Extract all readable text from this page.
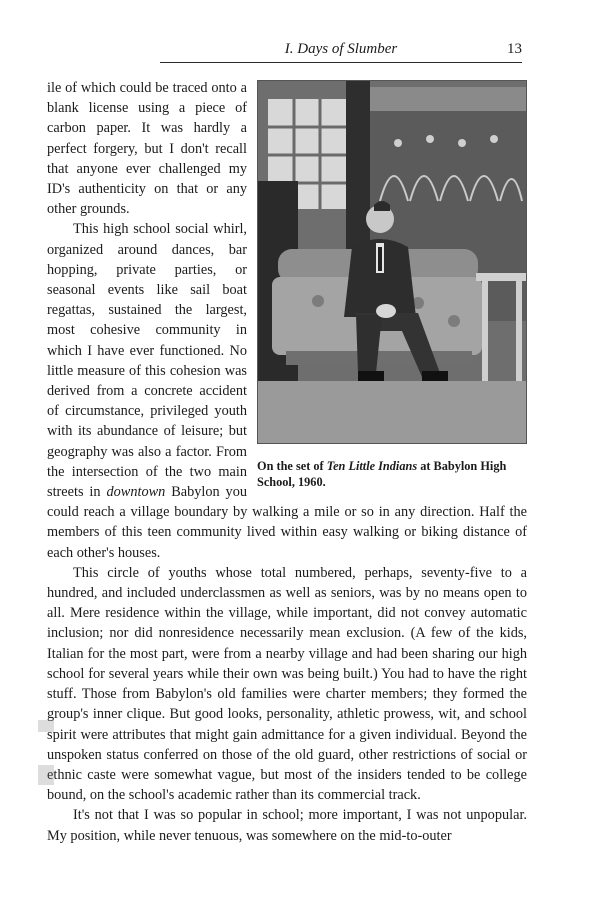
I. Days of Slumber	13
On the set of Ten Little Indians at Babylon High School, 1960.

ile of which could be traced onto a blank license using a piece of carbon paper. It was hardly a perfect forgery, but I don't recall that anyone ever challenged my ID's authenticity on that or any other grounds.

This high school social whirl, organized around dances, bar hopping, private parties, or seasonal events like sail boat regattas, sustained the largest, most cohesive community in which I have ever functioned. No little measure of this cohesion was derived from a concrete accident of circumstance, privileged youth with its abundance of leisure; but geography was also a factor. From the intersection of the two main streets in downtown Babylon you could reach a village boundary by walking a mile or so in any direction. Half the members of this teen community lived within easy walking or biking distance of each other's houses.

This circle of youths whose total numbered, perhaps, seventy-five to a hundred, and included underclassmen as well as seniors, was by no means open to all. Mere residence within the village, while important, did not convey automatic inclusion; nor did nonresidence necessarily mean exclusion. (A few of the kids, Italian for the most part, were from a nearby village and had been sharing our high school for several years while their own was being built.) You had to have the right stuff. Those from Babylon's old families were charter members; they formed the group's inner clique. But good looks, personality, athletic prowess, wit, and school spirit were attributes that might gain admittance for a given individual. Beyond the unspoken status conferred on those of the old guard, other restrictions of social or ethnic caste were somewhat vague, but most of the insiders tended to be college bound, on the school's academic rather than its commercial track.

It's not that I was so popular in school; more important, I was not unpopular. My position, while never tenuous, was somewhere on the mid-to-outer
